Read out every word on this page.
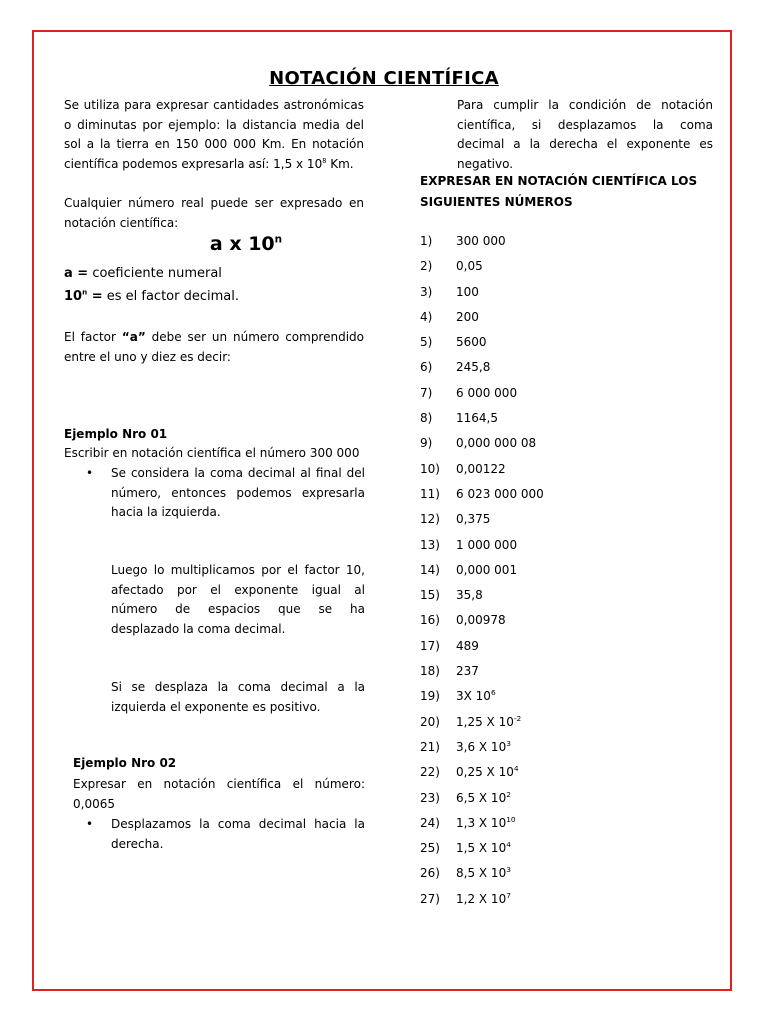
NOTACIÓN CIENTÍFICA

Se utiliza para expresar cantidades astronómicas o diminutas por ejemplo: la distancia media del sol a la tierra en 150 000 000 Km. En notación científica podemos expresarla así: 1,5 x $10^8$ Km.

Cualquier número real puede ser expresado en notación científica:

a x 10$^n$
a = coeficiente numeral
$10^n$ = es el factor decimal.

El factor “a” debe ser un número comprendido entre el uno y diez es decir:

Ejemplo Nro 01

Escribir en notación científica el número 300 000

• Se considera la coma decimal al final del número, entonces podemos expresarla hacia la izquierda.

Luego lo multiplicamos por el factor 10, afectado por el exponente igual al número de espacios que se ha desplazado la coma decimal.

Si se desplaza la coma decimal a la izquierda el exponente es positivo.

Ejemplo Nro 02

Expresar en notación científica el número: 0,0065

• Desplazamos la coma decimal hacia la derecha.

Para cumplir la condición de notación científica, si desplazamos la coma decimal a la derecha el exponente es negativo.

EXPRESAR EN NOTACIÓN CIENTÍFICA LOS SIGUIENTES NÚMEROS
1)	300 000
2)	0,05
3)	100
4)	200
5)	5600
6)	245,8
7)	6 000 000
8)	1164,5
9)	0,000 000 08
10)	0,00122
11)	6 023 000 000
12)	0,375
13)	1 000 000
14)	0,000 001
15)	35,8
16)	0,00978
17)	489
18)	237
19)	3X $10^6$
20)	1,25 X $10^{-2}$
21)	3,6 X $10^3$
22)	0,25 X $10^4$
23)	6,5 X $10^2$
24)	1,3 X $10^{10}$
25)	1,5 X $10^4$
26)	8,5 X $10^3$
27)	1,2 X $10^7$
